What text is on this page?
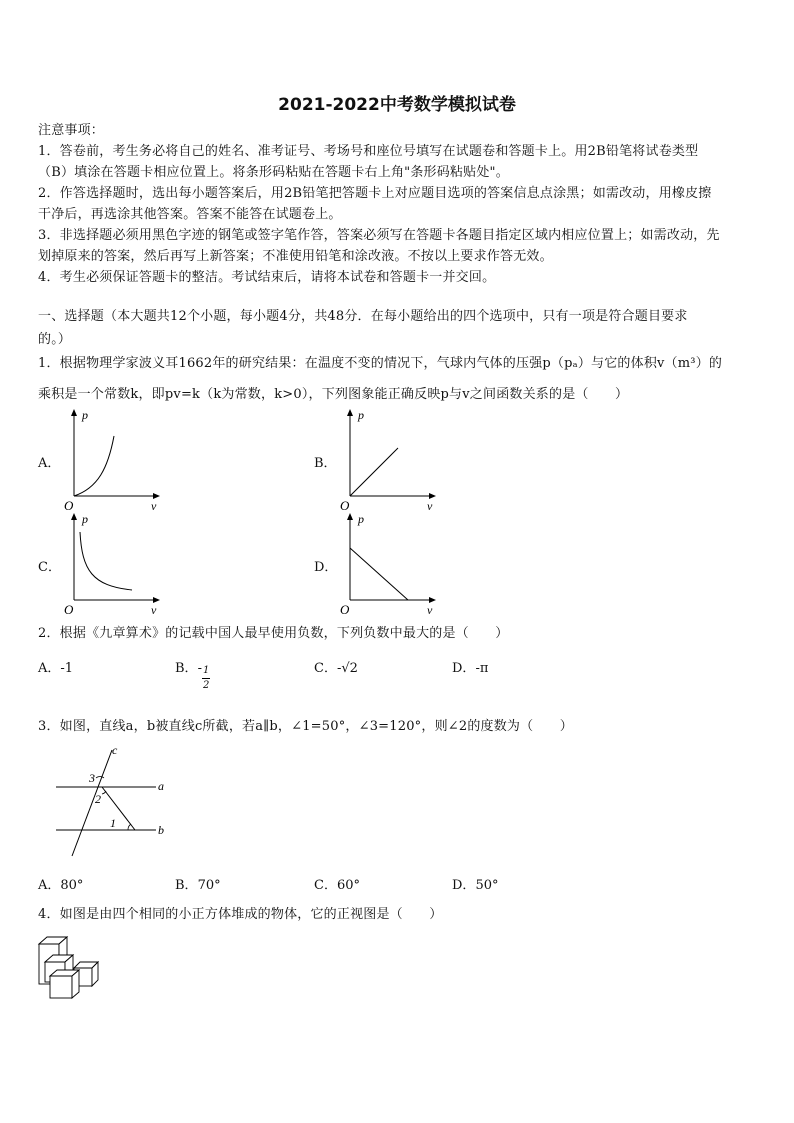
2021-2022中考数学模拟试卷
注意事项：
1．答卷前，考生务必将自己的姓名、准考证号、考场号和座位号填写在试题卷和答题卡上。用2B铅笔将试卷类型
（B）填涂在答题卡相应位置上。将条形码粘贴在答题卡右上角"条形码粘贴处"。
2．作答选择题时，选出每小题答案后，用2B铅笔把答题卡上对应题目选项的答案信息点涂黑；如需改动，用橡皮擦
干净后，再选涂其他答案。答案不能答在试题卷上。
3．非选择题必须用黑色字迹的钢笔或签字笔作答，答案必须写在答题卡各题目指定区域内相应位置上；如需改动，先
划掉原来的答案，然后再写上新答案；不准使用铅笔和涂改液。不按以上要求作答无效。
4．考生必须保证答题卡的整洁。考试结束后，请将本试卷和答题卡一并交回。
一、选择题（本大题共12个小题，每小题4分，共48分．在每小题给出的四个选项中，只有一项是符合题目要求
的。）
1．根据物理学家波义耳1662年的研究结果：在温度不变的情况下，气球内气体的压强p（pₐ）与它的体积v（m³）的
乘积是一个常数k，即pv=k（k为常数，k>0），下列图象能正确反映p与v之间函数关系的是（　　）
A．	B．
C．	D．
p
O	v
p
O	v
p
O	v
p
O	v
2．根据《九章算术》的记载中国人最早使用负数，下列负数中最大的是（　　）
A．-1	B．- 1
2
C．-√2	D．-π
3．如图，直线a，b被直线c所截，若a∥b，∠1=50°，∠3=120°，则∠2的度数为（　　）
c
a
b
3
2
1
A．80°	B．70°	C．60°	D．50°
4．如图是由四个相同的小正方体堆成的物体，它的正视图是（　　）
